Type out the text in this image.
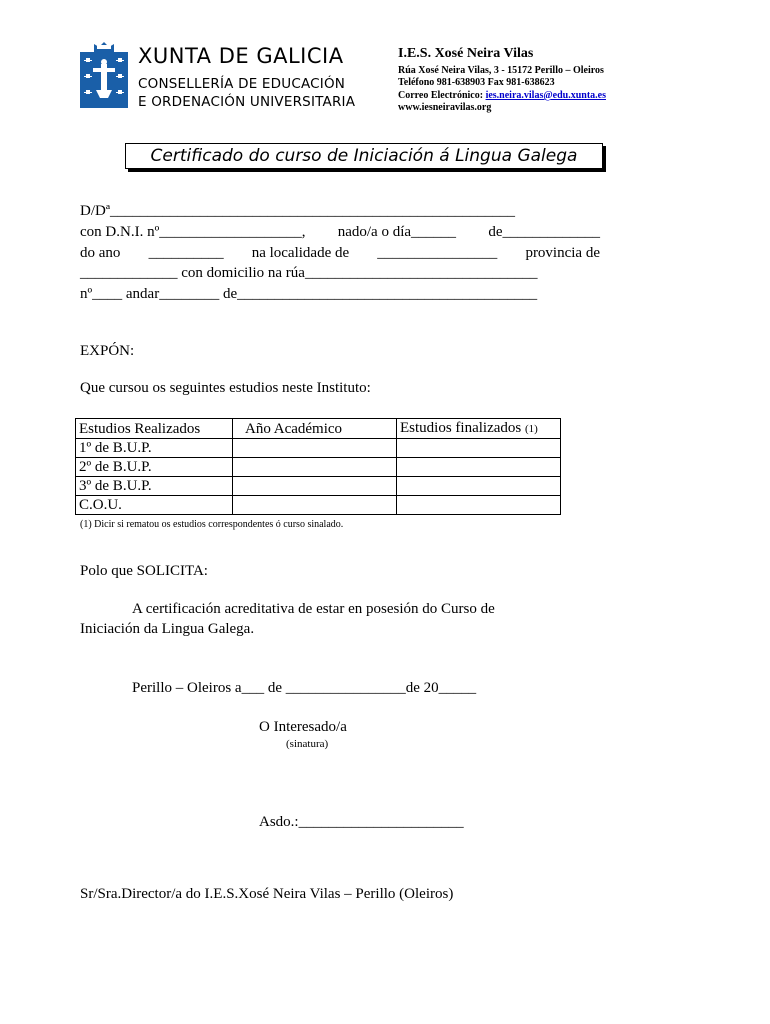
XUNTA DE GALICIA
CONSELLERÍA DE EDUCACIÓN
E ORDENACIÓN UNIVERSITARIA
I.E.S. Xosé Neira Vilas
Rúa Xosé Neira Vilas, 3 - 15172 Perillo – Oleiros
Teléfono 981-638903 Fax 981-638623
Correo Electrónico: ies.neira.vilas@edu.xunta.es
www.iesneiravilas.org
Certificado do curso de Iniciación á Lingua Galega
D/Dª______________________________________________________
con D.N.I. nº___________________, nado/a o día______ de_____________
do ano __________ na localidade de ________________ provincia de
_____________ con domicilio na rúa_______________________________
nº____ andar________ de________________________________________
EXPÓN:
Que cursou os seguintes estudios neste Instituto:
Estudios Realizados	Año Académico	Estudios finalizados (1)
1º de B.U.P.		
2º de B.U.P.		
3º de B.U.P.		
C.O.U.		
(1) Dicir si rematou os estudios correspondentes ó curso sinalado.
Polo que SOLICITA:
A certificación acreditativa de estar en posesión do Curso de
Iniciación da Lingua Galega.
Perillo – Oleiros a___ de ________________de 20_____
O Interesado/a
(sinatura)
Asdo.:______________________
Sr/Sra.Director/a do I.E.S.Xosé Neira Vilas – Perillo (Oleiros)
